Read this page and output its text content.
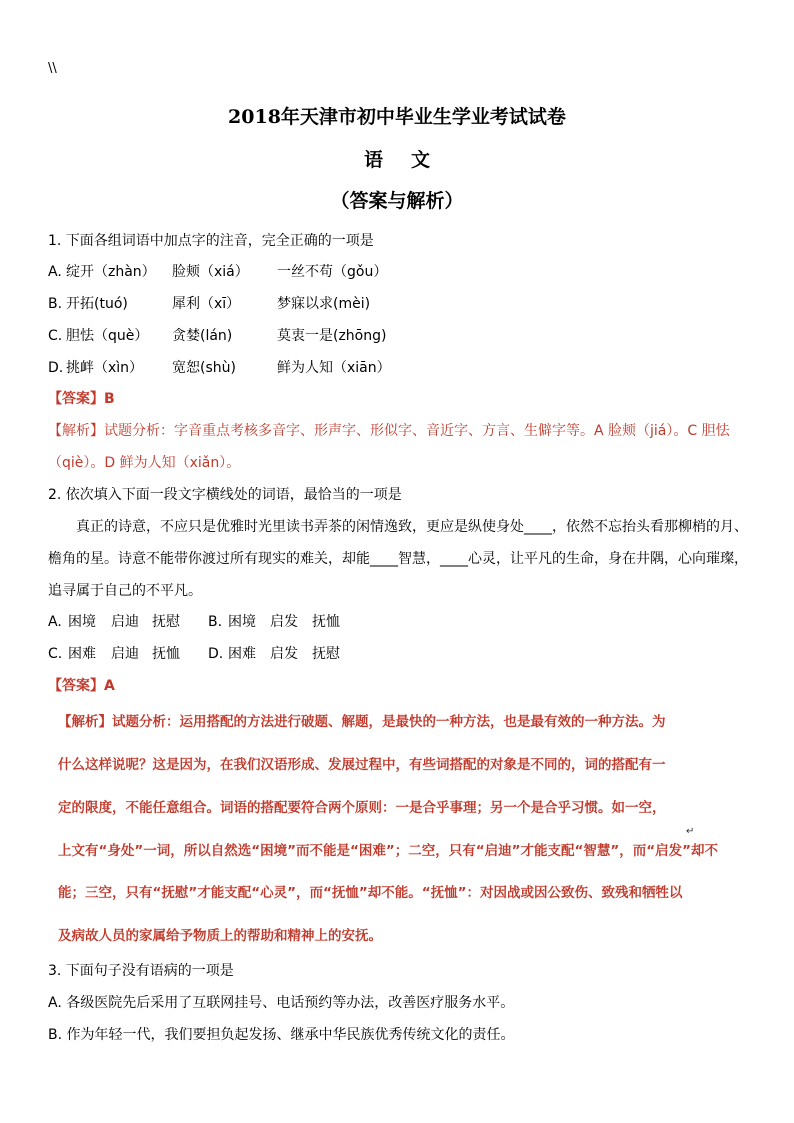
\\
2018年天津市初中毕业生学业考试试卷
语文
（答案与解析）
1. 下面各组词语中加点字的注音，完全正确的一项是
A. 绽开（zhàn） 脸颊（xiá） 一丝不苟（gǒu）
B. 开拓(tuó)	犀利（xī）	梦寐以求(mèi)
C. 胆怯（què） 贪婪(lán)	莫衷一是(zhōng)
D. 挑衅（xìn） 宽恕(shù)	鲜为人知（xiān）
【答案】B
【解析】试题分析：字音重点考核多音字、形声字、形似字、音近字、方言、生僻字等。A 脸颊（jiá）。C 胆怯
（qiè）。D 鲜为人知（xiǎn）。
2. 依次填入下面一段文字横线处的词语，最恰当的一项是
真正的诗意，不应只是优雅时光里读书弄茶的闲情逸致，更应是纵使身处____，依然不忘抬头看那柳梢的月、
檐角的星。诗意不能带你渡过所有现实的难关，却能____智慧，____心灵，让平凡的生命，身在井隅，心向璀璨，
追寻属于自己的不平凡。
A. 困境 启迪 抚慰 B. 困境 启发 抚恤
C. 困难 启迪 抚恤 D. 困难 启发 抚慰
【答案】A
【解析】试题分析：运用搭配的方法进行破题、解题，是最快的一种方法，也是最有效的一种方法。为
什么这样说呢？这是因为，在我们汉语形成、发展过程中，有些词搭配的对象是不同的，词的搭配有一
定的限度，不能任意组合。词语的搭配要符合两个原则：一是合乎事理；另一个是合乎习惯。如一空，
↵
上文有“身处”一词，所以自然选“困境”而不能是“困难”；二空，只有“启迪”才能支配“智慧”，而“启发”却不
能；三空，只有“抚慰”才能支配“心灵”，而“抚恤”却不能。“抚恤”：对因战或因公致伤、致残和牺牲以
及病故人员的家属给予物质上的帮助和精神上的安抚。
3. 下面句子没有语病的一项是
A. 各级医院先后采用了互联网挂号、电话预约等办法，改善医疗服务水平。
B. 作为年轻一代，我们要担负起发扬、继承中华民族优秀传统文化的责任。
